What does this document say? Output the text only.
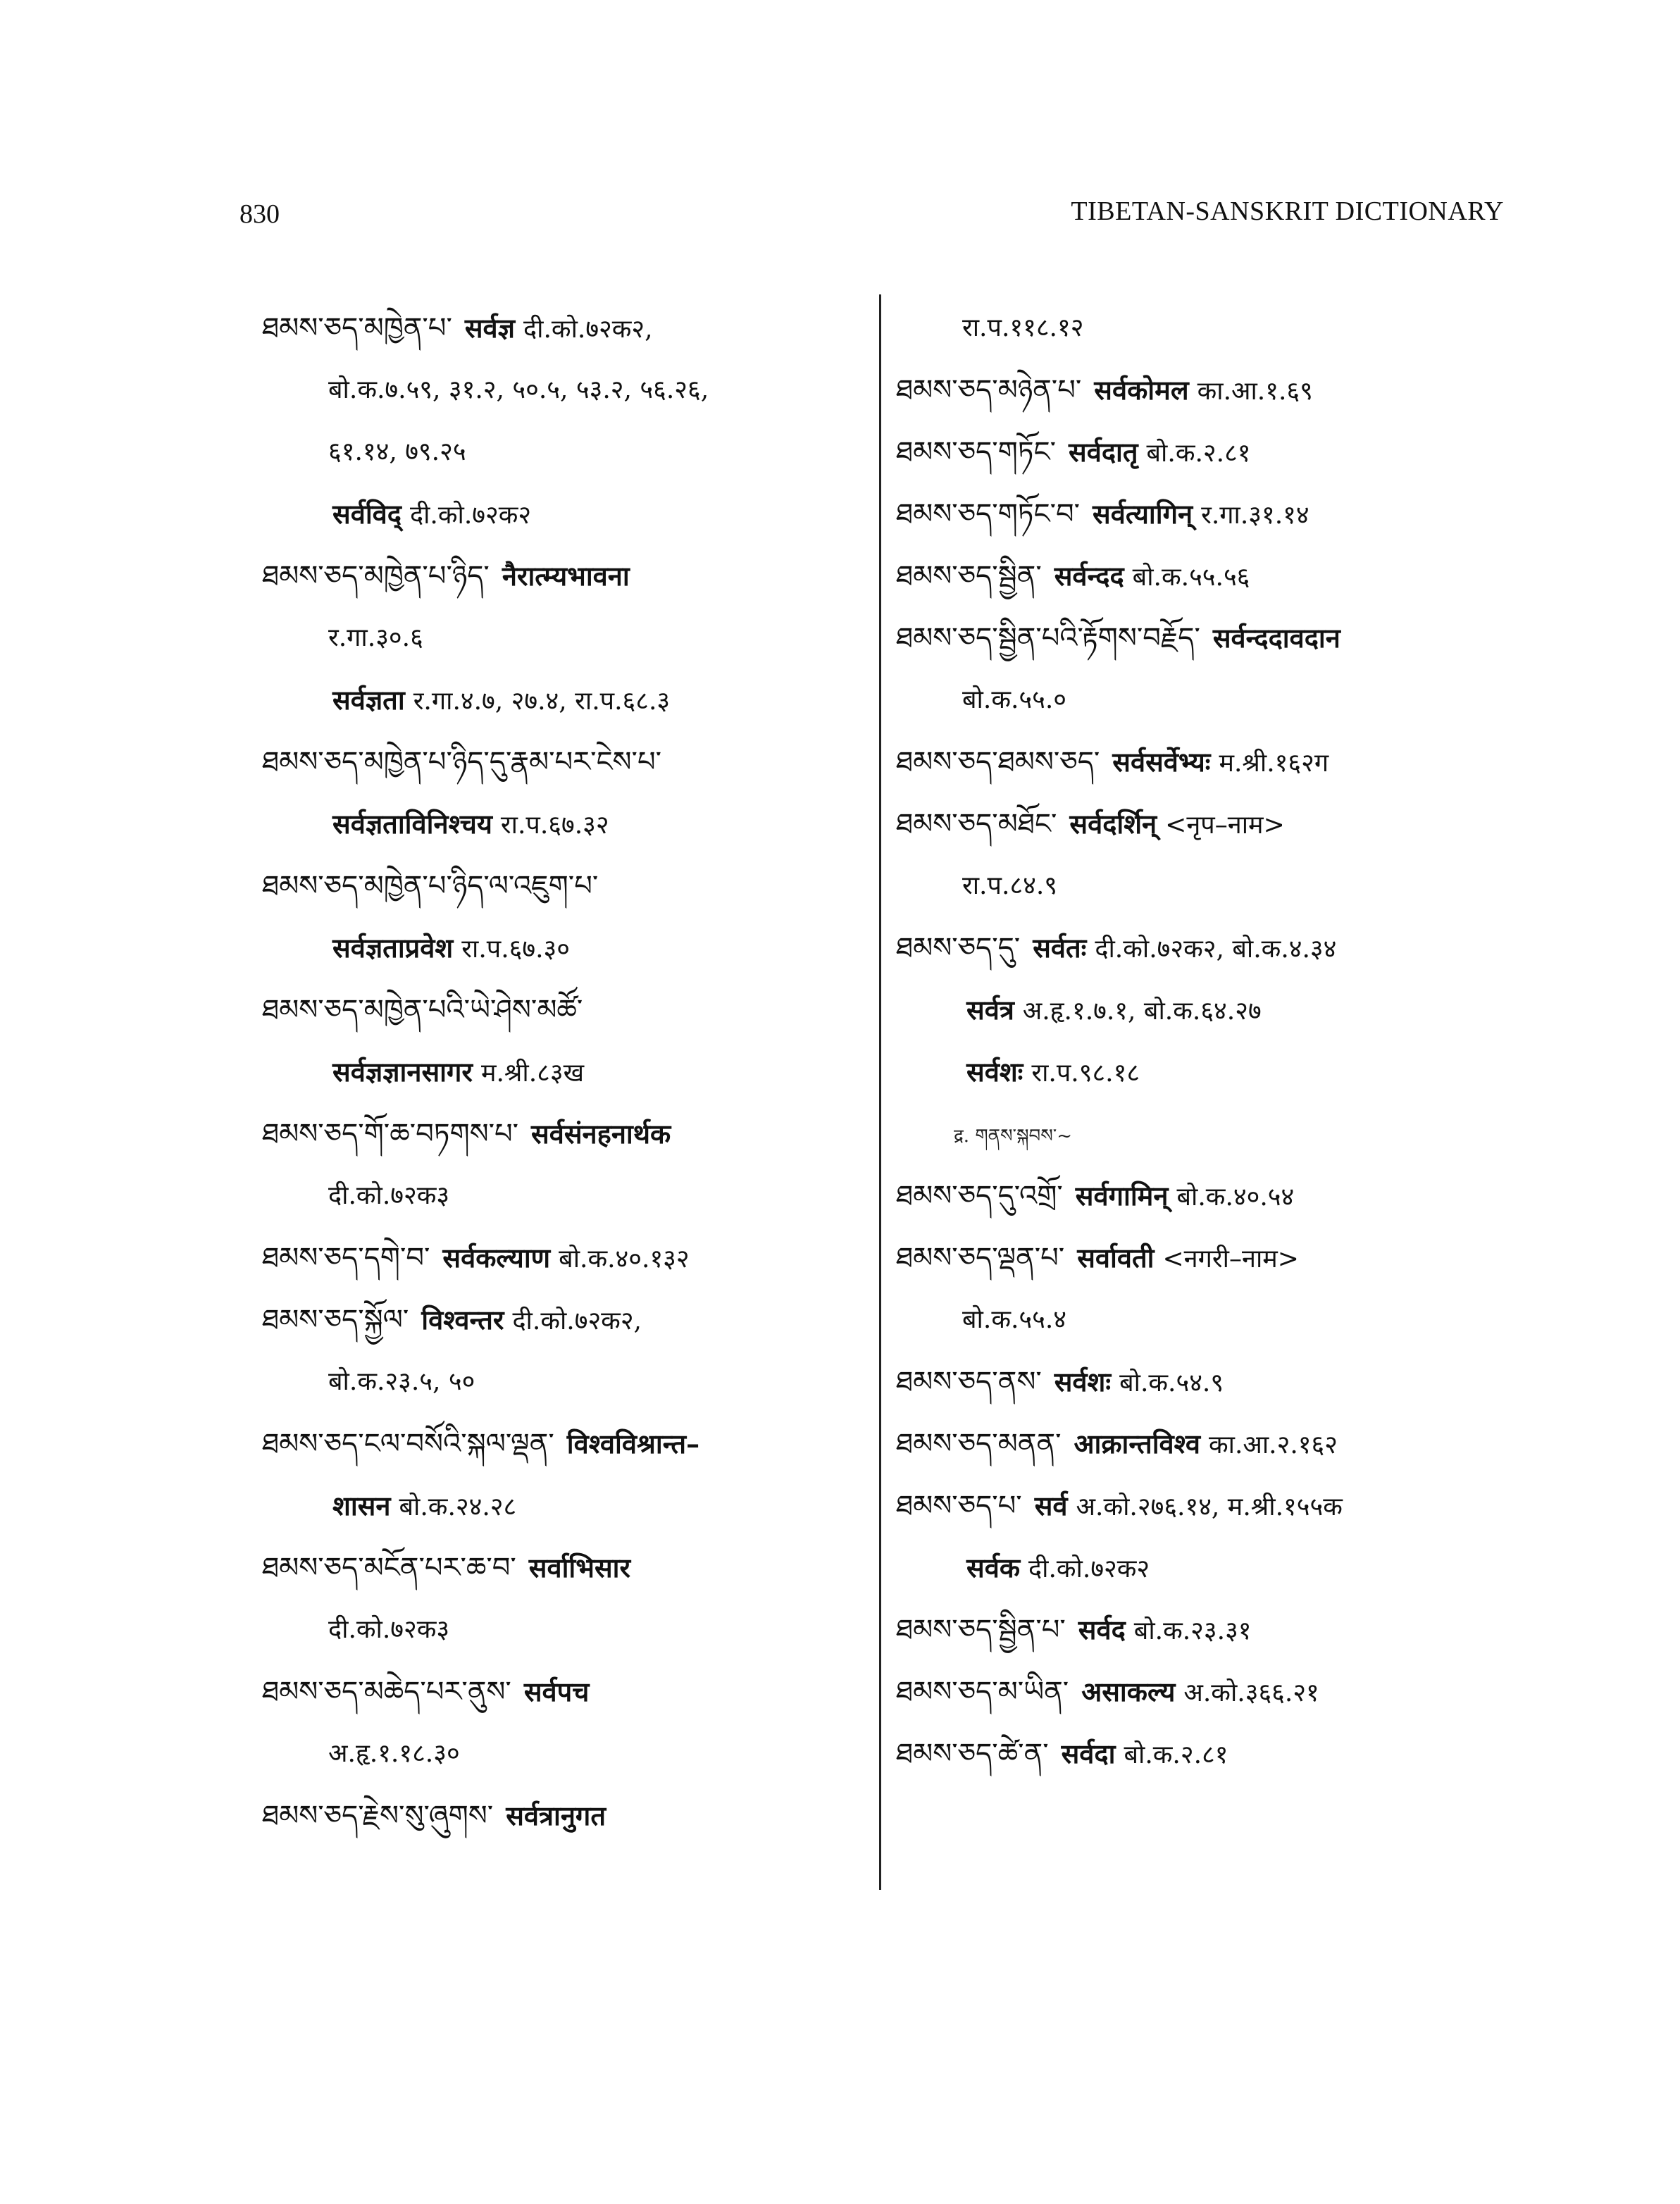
830	TIBETAN-SANSKRIT DICTIONARY
ཐམས་ཅད་མཁྱེན་པ་ सर्वज्ञ दी.को.७२क२,
बो.क.७.५९, ३१.२, ५०.५, ५३.२, ५६.२६,
६१.१४, ७९.२५
सर्वविद् दी.को.७२क२
ཐམས་ཅད་མཁྱེན་པ་ཉིད་ नैरात्म्यभावना
र.गा.३०.६
सर्वज्ञता र.गा.४.७, २७.४, रा.प.६८.३
ཐམས་ཅད་མཁྱེན་པ་ཉིད་དུ་རྣམ་པར་ངེས་པ་
सर्वज्ञताविनिश्चय रा.प.६७.३२
ཐམས་ཅད་མཁྱེན་པ་ཉིད་ལ་འཇུག་པ་
सर्वज्ञताप्रवेश रा.प.६७.३०
ཐམས་ཅད་མཁྱེན་པའི་ཡེ་ཤེས་མཚོ་
सर्वज्ञज्ञानसागर म.श्री.८३ख
ཐམས་ཅད་གོ་ཆ་བཏགས་པ་ सर्वसंनहनार्थक
दी.को.७२क३
ཐམས་ཅད་དགེ་བ་ सर्वकल्याण बो.क.४०.१३२
ཐམས་ཅད་སྐྱོལ་ विश्वन्तर दी.को.७२क२,
बो.क.२३.५, ५०
ཐམས་ཅད་ངལ་བསོའི་སྐལ་ལྡན་ विश्वविश्रान्त–
शासन बो.क.२४.२८
ཐམས་ཅད་མངོན་པར་ཆ་བ་ सर्वाभिसार
दी.को.७२क३
ཐམས་ཅད་མཆེད་པར་ནུས་ सर्वपच
अ.हृ.१.१८.३०
ཐམས་ཅད་རྗེས་སུ་ཞུགས་ सर्वत्रानुगत
रा.प.११८.१२
ཐམས་ཅད་མཉེན་པ་ सर्वकोमल का.आ.१.६९
ཐམས་ཅད་གཏོང་ सर्वदातृ बो.क.२.८१
ཐམས་ཅད་གཏོང་བ་ सर्वत्यागिन् र.गा.३१.१४
ཐམས་ཅད་སྦྱིན་ सर्वन्दद बो.क.५५.५६
ཐམས་ཅད་སྦྱིན་པའི་རྟོགས་བརྗོད་ सर्वन्ददावदान
बो.क.५५.०
ཐམས་ཅད་ཐམས་ཅད་ सर्वसर्वेभ्यः म.श्री.१६२ग
ཐམས་ཅད་མཐོང་ सर्वदर्शिन् <नृप–नाम>
रा.प.८४.९
ཐམས་ཅད་དུ་ सर्वतः दी.को.७२क२, बो.क.४.३४
सर्वत्र अ.हृ.१.७.१, बो.क.६४.२७
सर्वशः रा.प.९८.१८
द्र. གནས་སྐབས་~
ཐམས་ཅད་དུ་འགྲོ་ सर्वगामिन् बो.क.४०.५४
ཐམས་ཅད་ལྡན་པ་ सर्वावती <नगरी–नाम>
बो.क.५५.४
ཐམས་ཅད་ནས་ सर्वशः बो.क.५४.९
ཐམས་ཅད་མནན་ आक्रान्तविश्व का.आ.२.१६२
ཐམས་ཅད་པ་ सर्व अ.को.२७६.१४, म.श्री.१५५क
सर्वक दी.को.७२क२
ཐམས་ཅད་སྦྱིན་པ་ सर्वद बो.क.२३.३१
ཐམས་ཅད་མ་ཡིན་ असाकल्य अ.को.३६६.२१
ཐམས་ཅད་ཚེ་ན་ सर्वदा बो.क.२.८१
